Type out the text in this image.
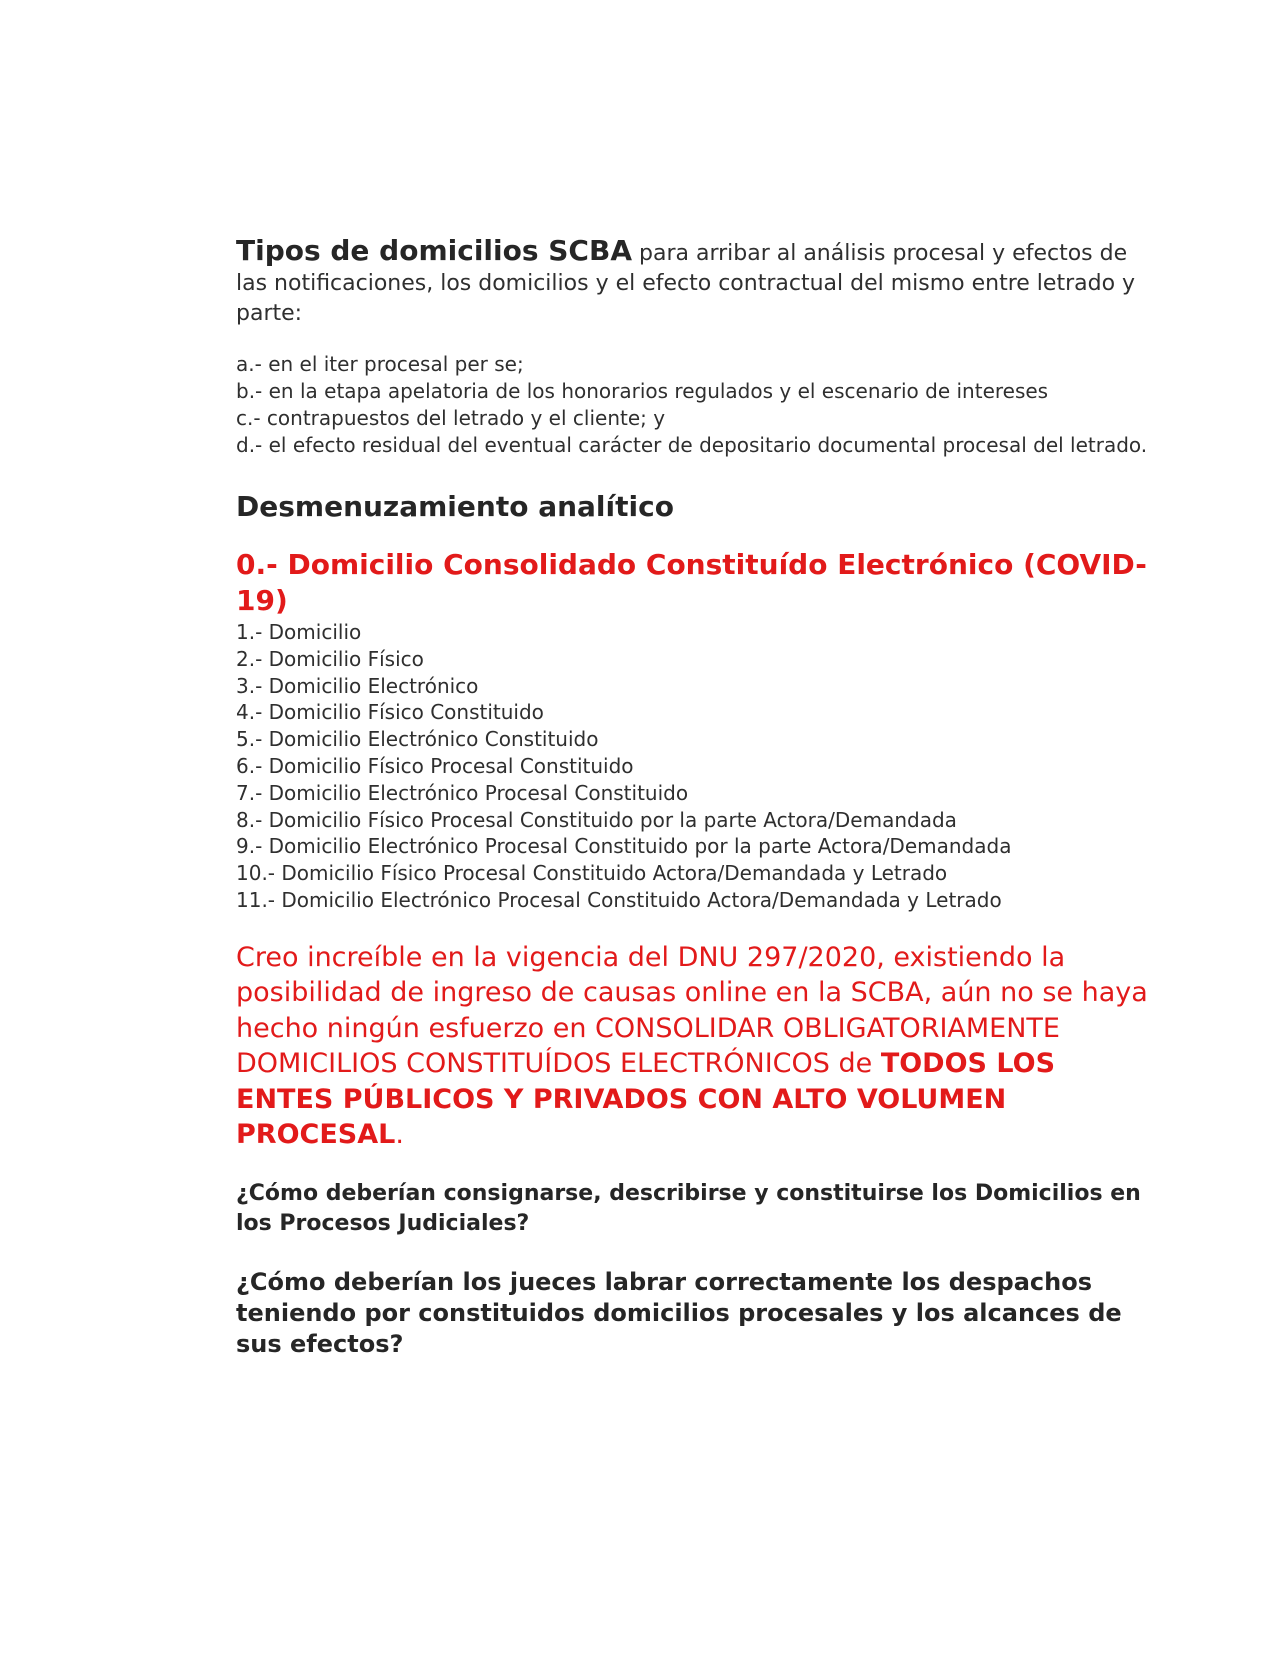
Tipos de domicilios SCBA para arribar al análisis procesal y efectos de las notificaciones, los domicilios y el efecto contractual del mismo entre letrado y parte:

a.- en el iter procesal per se;
b.- en la etapa apelatoria de los honorarios regulados y el escenario de intereses
c.- contrapuestos del letrado y el cliente; y
d.- el efecto residual del eventual carácter de depositario documental procesal del letrado.
Desmenuzamiento analítico
0.- Domicilio Consolidado Constituído Electrónico (COVID-19)
1.- Domicilio
2.- Domicilio Físico
3.- Domicilio Electrónico
4.- Domicilio Físico Constituido
5.- Domicilio Electrónico Constituido
6.- Domicilio Físico Procesal Constituido
7.- Domicilio Electrónico Procesal Constituido
8.- Domicilio Físico Procesal Constituido por la parte Actora/Demandada
9.- Domicilio Electrónico Procesal Constituido por la parte Actora/Demandada
10.- Domicilio Físico Procesal Constituido Actora/Demandada y Letrado
11.- Domicilio Electrónico Procesal Constituido Actora/Demandada y Letrado

Creo increíble en la vigencia del DNU 297/2020, existiendo la posibilidad de ingreso de causas online en la SCBA, aún no se haya hecho ningún esfuerzo en CONSOLIDAR OBLIGATORIAMENTE DOMICILIOS CONSTITUÍDOS ELECTRÓNICOS de TODOS LOS ENTES PÚBLICOS Y PRIVADOS CON ALTO VOLUMEN PROCESAL.

¿Cómo deberían consignarse, describirse y constituirse los Domicilios en los Procesos Judiciales?

¿Cómo deberían los jueces labrar correctamente los despachos teniendo por constituidos domicilios procesales y los alcances de sus efectos?
